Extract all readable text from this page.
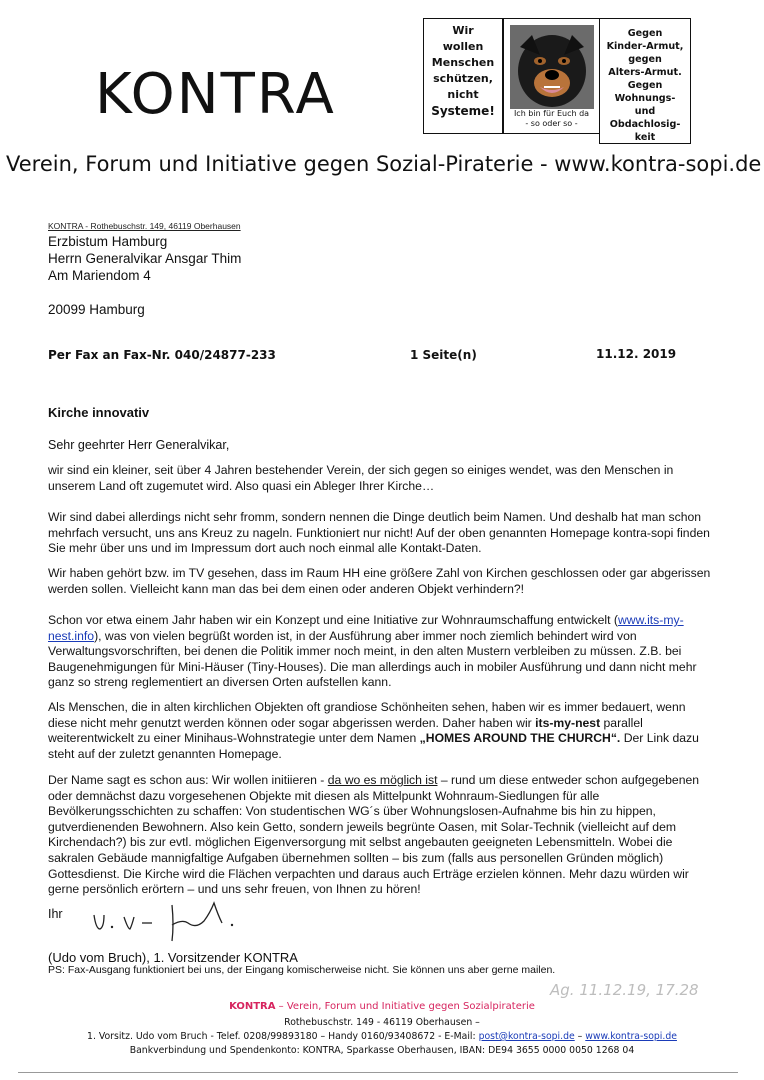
KONTRA
Wir
wollen
Menschen
schützen,
nicht
Systeme!	Ich bin für Euch da
- so oder so -
Gegen
Kinder-Armut,
gegen
Alters-Armut.
Gegen
Wohnungs-
und
Obdachlosig-
keit
Verein, Forum und Initiative gegen Sozial-Piraterie - www.kontra-sopi.de
KONTRA - Rothebuschstr. 149, 46119 Oberhausen
Erzbistum Hamburg
Herrn Generalvikar Ansgar Thim
Am Mariendom 4
20099 Hamburg
Per Fax an Fax-Nr. 040/24877-233	1 Seite(n)	11.12. 2019
Kirche innovativ
Sehr geehrter Herr Generalvikar,
wir sind ein kleiner, seit über 4 Jahren bestehender Verein, der sich gegen so einiges wendet, was den Menschen in unserem Land oft zugemutet wird. Also quasi ein Ableger Ihrer Kirche…
Wir sind dabei allerdings nicht sehr fromm, sondern nennen die Dinge deutlich beim Namen. Und deshalb hat man schon mehrfach versucht, uns ans Kreuz zu nageln. Funktioniert nur nicht! Auf der oben genannten Homepage kontra-sopi finden Sie mehr über uns und im Impressum dort auch noch einmal alle Kontakt-Daten.
Wir haben gehört bzw. im TV gesehen, dass im Raum HH eine größere Zahl von Kirchen geschlossen oder gar abgerissen werden sollen. Vielleicht kann man das bei dem einen oder anderen Objekt verhindern?!
Schon vor etwa einem Jahr haben wir ein Konzept und eine Initiative zur Wohnraumschaffung entwickelt (www.its-my-nest.info), was von vielen begrüßt worden ist, in der Ausführung aber immer noch ziemlich behindert wird von Verwaltungsvorschriften, bei denen die Politik immer noch meint, in den alten Mustern verbleiben zu müssen. Z.B. bei Baugenehmigungen für Mini-Häuser (Tiny-Houses). Die man allerdings auch in mobiler Ausführung und dann nicht mehr ganz so streng reglementiert an diversen Orten aufstellen kann.
Als Menschen, die in alten kirchlichen Objekten oft grandiose Schönheiten sehen, haben wir es immer bedauert, wenn diese nicht mehr genutzt werden können oder sogar abgerissen werden. Daher haben wir its-my-nest parallel weiterentwickelt zu einer Minihaus-Wohnstrategie unter dem Namen „HOMES AROUND THE CHURCH“. Der Link dazu steht auf der zuletzt genannten Homepage.
Der Name sagt es schon aus: Wir wollen initiieren - da wo es möglich ist – rund um diese entweder schon aufgegebenen oder demnächst dazu vorgesehenen Objekte mit diesen als Mittelpunkt Wohnraum-Siedlungen für alle Bevölkerungsschichten zu schaffen: Von studentischen WG´s über Wohnungslosen-Aufnahme bis hin zu hippen, gutverdienenden Bewohnern. Also kein Getto, sondern jeweils begrünte Oasen, mit Solar-Technik (vielleicht auf dem Kirchendach?) bis zur evtl. möglichen Eigenversorgung mit selbst angebauten geeigneten Lebensmitteln. Wobei die sakralen Gebäude mannigfaltige Aufgaben übernehmen sollten – bis zum (falls aus personellen Gründen möglich) Gottesdienst. Die Kirche wird die Flächen verpachten und daraus auch Erträge erzielen können. Mehr dazu würden wir gerne persönlich erörtern – und uns sehr freuen, von Ihnen zu hören!
Ihr
(Udo vom Bruch), 1. Vorsitzender KONTRA
PS: Fax-Ausgang funktioniert bei uns, der Eingang komischerweise nicht. Sie können uns aber gerne mailen.
Ag. 11.12.19, 17.28
KONTRA – Verein, Forum und Initiative gegen Sozialpiraterie
Rothebuschstr. 149 - 46119 Oberhausen –
1. Vorsitz. Udo vom Bruch - Telef. 0208/99893180 – Handy 0160/93408672 - E-Mail: post@kontra-sopi.de – www.kontra-sopi.de
Bankverbindung und Spendenkonto: KONTRA, Sparkasse Oberhausen, IBAN: DE94 3655 0000 0050 1268 04
